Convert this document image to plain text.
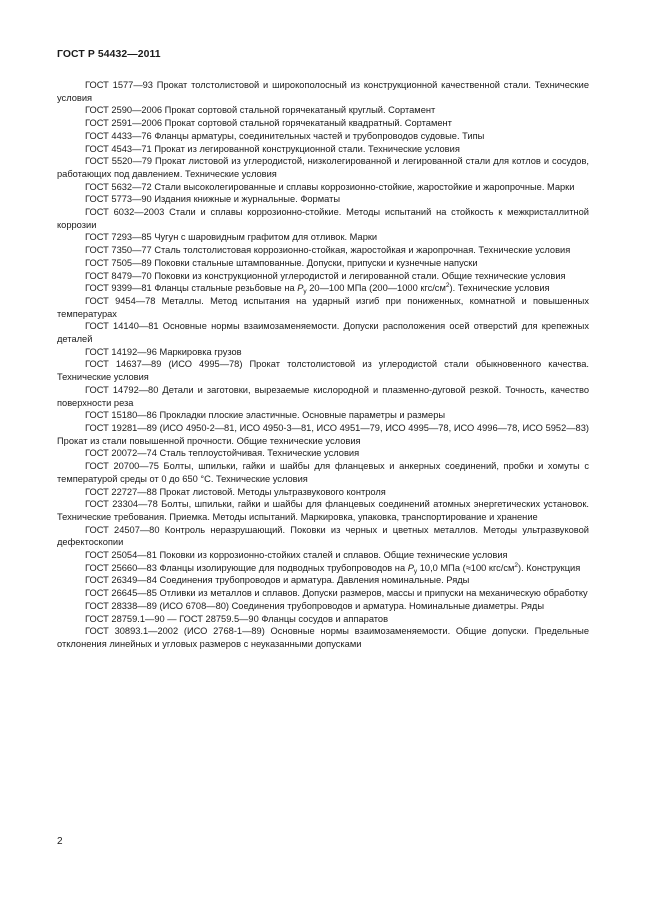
ГОСТ Р 54432—2011

ГОСТ 1577—93 Прокат толстолистовой и широкополосный из конструкционной качественной стали. Технические условия

ГОСТ 2590—2006 Прокат сортовой стальной горячекатаный круглый. Сортамент

ГОСТ 2591—2006 Прокат сортовой стальной горячекатаный квадратный. Сортамент

ГОСТ 4433—76 Фланцы арматуры, соединительных частей и трубопроводов судовые. Типы

ГОСТ 4543—71 Прокат из легированной конструкционной стали. Технические условия

ГОСТ 5520—79 Прокат листовой из углеродистой, низколегированной и легированной стали для котлов и сосудов, работающих под давлением. Технические условия

ГОСТ 5632—72 Стали высоколегированные и сплавы коррозионно-стойкие, жаростойкие и жаропрочные. Марки

ГОСТ 5773—90 Издания книжные и журнальные. Форматы

ГОСТ 6032—2003 Стали и сплавы коррозионно-стойкие. Методы испытаний на стойкость к межкристаллитной коррозии

ГОСТ 7293—85 Чугун с шаровидным графитом для отливок. Марки

ГОСТ 7350—77 Сталь толстолистовая коррозионно-стойкая, жаростойкая и жаропрочная. Технические условия

ГОСТ 7505—89 Поковки стальные штампованные. Допуски, припуски и кузнечные напуски

ГОСТ 8479—70 Поковки из конструкционной углеродистой и легированной стали. Общие технические условия

ГОСТ 9399—81 Фланцы стальные резьбовые на $P_y$ 20—100 МПа (200—1000 кгс/$см^2$). Технические условия

ГОСТ 9454—78 Металлы. Метод испытания на ударный изгиб при пониженных, комнатной и повышенных температурах

ГОСТ 14140—81 Основные нормы взаимозаменяемости. Допуски расположения осей отверстий для крепежных деталей

ГОСТ 14192—96 Маркировка грузов

ГОСТ 14637—89 (ИСО 4995—78) Прокат толстолистовой из углеродистой стали обыкновенного качества. Технические условия

ГОСТ 14792—80 Детали и заготовки, вырезаемые кислородной и плазменно-дуговой резкой. Точность, качество поверхности реза

ГОСТ 15180—86 Прокладки плоские эластичные. Основные параметры и размеры

ГОСТ 19281—89 (ИСО 4950-2—81, ИСО 4950-3—81, ИСО 4951—79, ИСО 4995—78, ИСО 4996—78, ИСО 5952—83) Прокат из стали повышенной прочности. Общие технические условия

ГОСТ 20072—74 Сталь теплоустойчивая. Технические условия

ГОСТ 20700—75 Болты, шпильки, гайки и шайбы для фланцевых и анкерных соединений, пробки и хомуты с температурой среды от 0 до 650 °С. Технические условия

ГОСТ 22727—88 Прокат листовой. Методы ультразвукового контроля

ГОСТ 23304—78 Болты, шпильки, гайки и шайбы для фланцевых соединений атомных энергетических установок. Технические требования. Приемка. Методы испытаний. Маркировка, упаковка, транспортирование и хранение

ГОСТ 24507—80 Контроль неразрушающий. Поковки из черных и цветных металлов. Методы ультразвуковой дефектоскопии

ГОСТ 25054—81 Поковки из коррозионно-стойких сталей и сплавов. Общие технические условия

ГОСТ 25660—83 Фланцы изолирующие для подводных трубопроводов на $P_y$ 10,0 МПа (≈100 кгс/$см^2$). Конструкция

ГОСТ 26349—84 Соединения трубопроводов и арматура. Давления номинальные. Ряды

ГОСТ 26645—85 Отливки из металлов и сплавов. Допуски размеров, массы и припуски на механическую обработку

ГОСТ 28338—89 (ИСО 6708—80) Соединения трубопроводов и арматура. Номинальные диаметры. Ряды

ГОСТ 28759.1—90 — ГОСТ 28759.5—90 Фланцы сосудов и аппаратов

ГОСТ 30893.1—2002 (ИСО 2768-1—89) Основные нормы взаимозаменяемости. Общие допуски. Предельные отклонения линейных и угловых размеров с неуказанными допусками

2
